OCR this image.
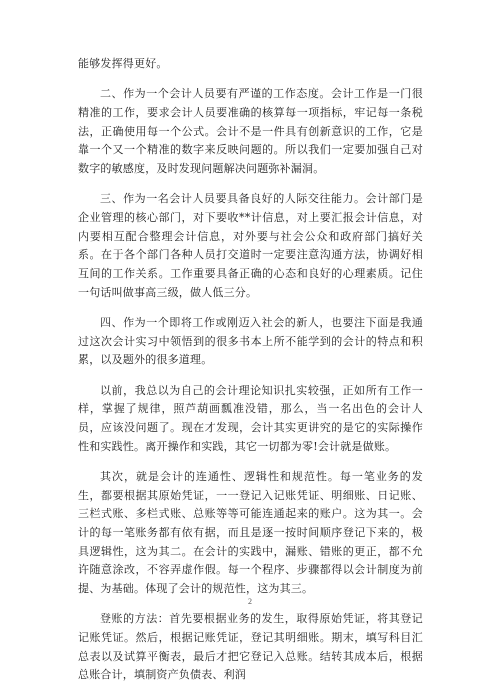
能够发挥得更好。

二、作为一个会计人员要有严谨的工作态度。会计工作是一门很精准的工作，要求会计人员要准确的核算每一项指标，牢记每一条税法，正确使用每一个公式。会计不是一件具有创新意识的工作，它是靠一个又一个精准的数字来反映问题的。所以我们一定要加强自己对数字的敏感度，及时发现问题解决问题弥补漏洞。

三、作为一名会计人员要具备良好的人际交往能力。会计部门是企业管理的核心部门，对下要收**计信息，对上要汇报会计信息，对内要相互配合整理会计信息，对外要与社会公众和政府部门搞好关系。在于各个部门各种人员打交道时一定要注意沟通方法，协调好相互间的工作关系。工作重要具备正确的心态和良好的心理素质。记住一句话叫做事高三级，做人低三分。

四、作为一个即将工作或刚迈入社会的新人，也要注下面是我通过这次会计实习中领悟到的很多书本上所不能学到的会计的特点和积累，以及题外的很多道理。

以前，我总以为自己的会计理论知识扎实较强，正如所有工作一样，掌握了规律，照芦葫画瓢准没错，那么，当一名出色的会计人员，应该没问题了。现在才发现，会计其实更讲究的是它的实际操作性和实践性。离开操作和实践，其它一切都为零!会计就是做账。

其次，就是会计的连通性、逻辑性和规范性。每一笔业务的发生，都要根据其原始凭证，一一登记入记账凭证、明细账、日记账、三栏式账、多栏式账、总账等等可能连通起来的账户。这为其一。会计的每一笔账务都有依有据，而且是逐一按时间顺序登记下来的，极具逻辑性，这为其二。在会计的实践中，漏账、错账的更正，都不允许随意涂改，不容弄虚作假。每一个程序、步骤都得以会计制度为前提、为基础。体现了会计的规范性，这为其三。

登账的方法：首先要根据业务的发生，取得原始凭证，将其登记记账凭证。然后，根据记账凭证，登记其明细账。期末，填写科目汇总表以及试算平衡表，最后才把它登记入总账。结转其成本后，根据总账合计，填制资产负债表、利润

2
